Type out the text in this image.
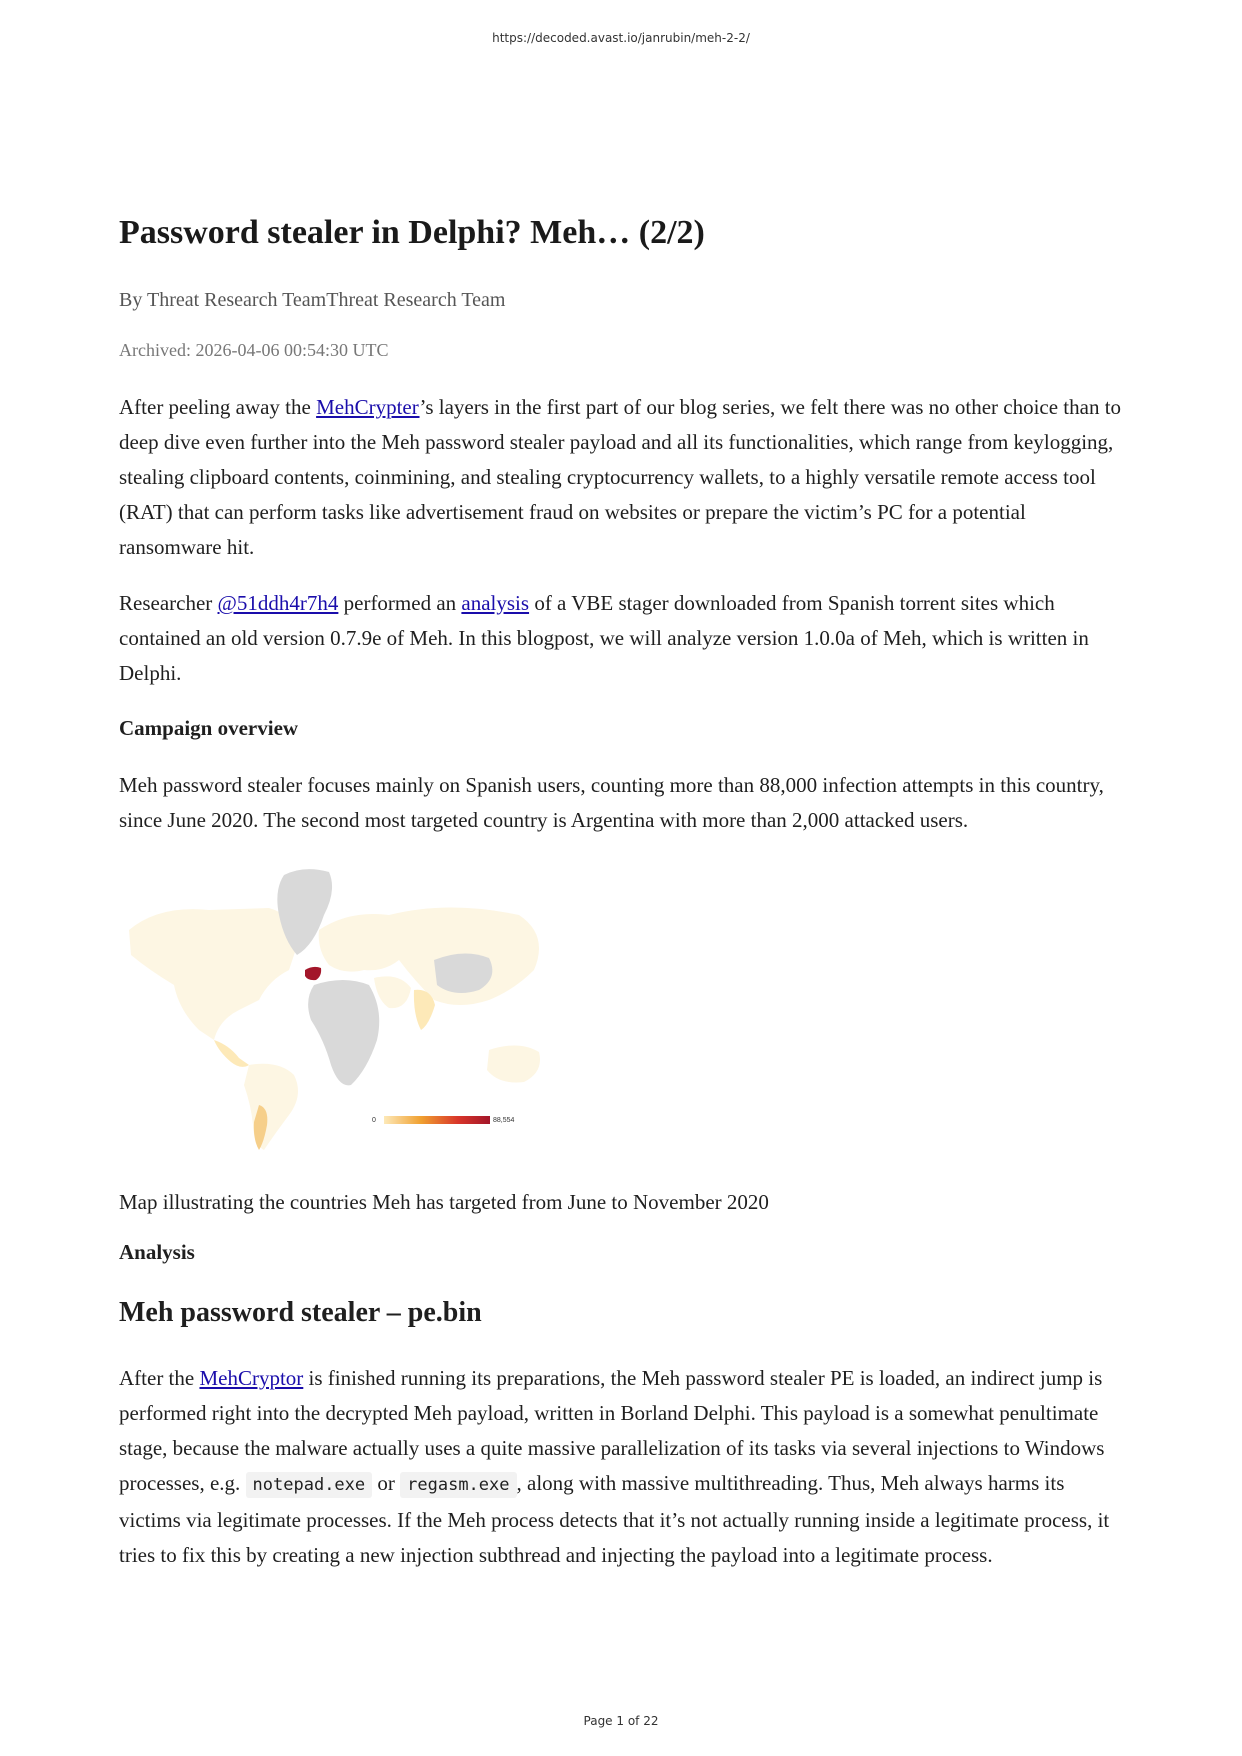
https://decoded.avast.io/janrubin/meh-2-2/
Password stealer in Delphi? Meh… (2/2)
By Threat Research TeamThreat Research Team
Archived: 2026-04-06 00:54:30 UTC

After peeling away the MehCrypter’s layers in the first part of our blog series, we felt there was no other choice than to deep dive even further into the Meh password stealer payload and all its functionalities, which range from keylogging, stealing clipboard contents, coinmining, and stealing cryptocurrency wallets, to a highly versatile remote access tool (RAT) that can perform tasks like advertisement fraud on websites or prepare the victim’s PC for a potential ransomware hit.

Researcher @51ddh4r7h4 performed an analysis of a VBE stager downloaded from Spanish torrent sites which contained an old version 0.7.9e of Meh. In this blogpost, we will analyze version 1.0.0a of Meh, which is written in Delphi.

Campaign overview

Meh password stealer focuses mainly on Spanish users, counting more than 88,000 infection attempts in this country, since June 2020. The second most targeted country is Argentina with more than 2,000 attacked users.

Map illustrating the countries Meh has targeted from June to November 2020
Analysis
Meh password stealer – pe.bin

After the MehCryptor is finished running its preparations, the Meh password stealer PE is loaded, an indirect jump is performed right into the decrypted Meh payload, written in Borland Delphi. This payload is a somewhat penultimate stage, because the malware actually uses a quite massive parallelization of its tasks via several injections to Windows processes, e.g. notepad.exe or regasm.exe , along with massive multithreading. Thus, Meh always harms its victims via legitimate processes. If the Meh process detects that it’s not actually running inside a legitimate process, it tries to fix this by creating a new injection subthread and injecting the payload into a legitimate process.

0	88,554
Page 1 of 22
